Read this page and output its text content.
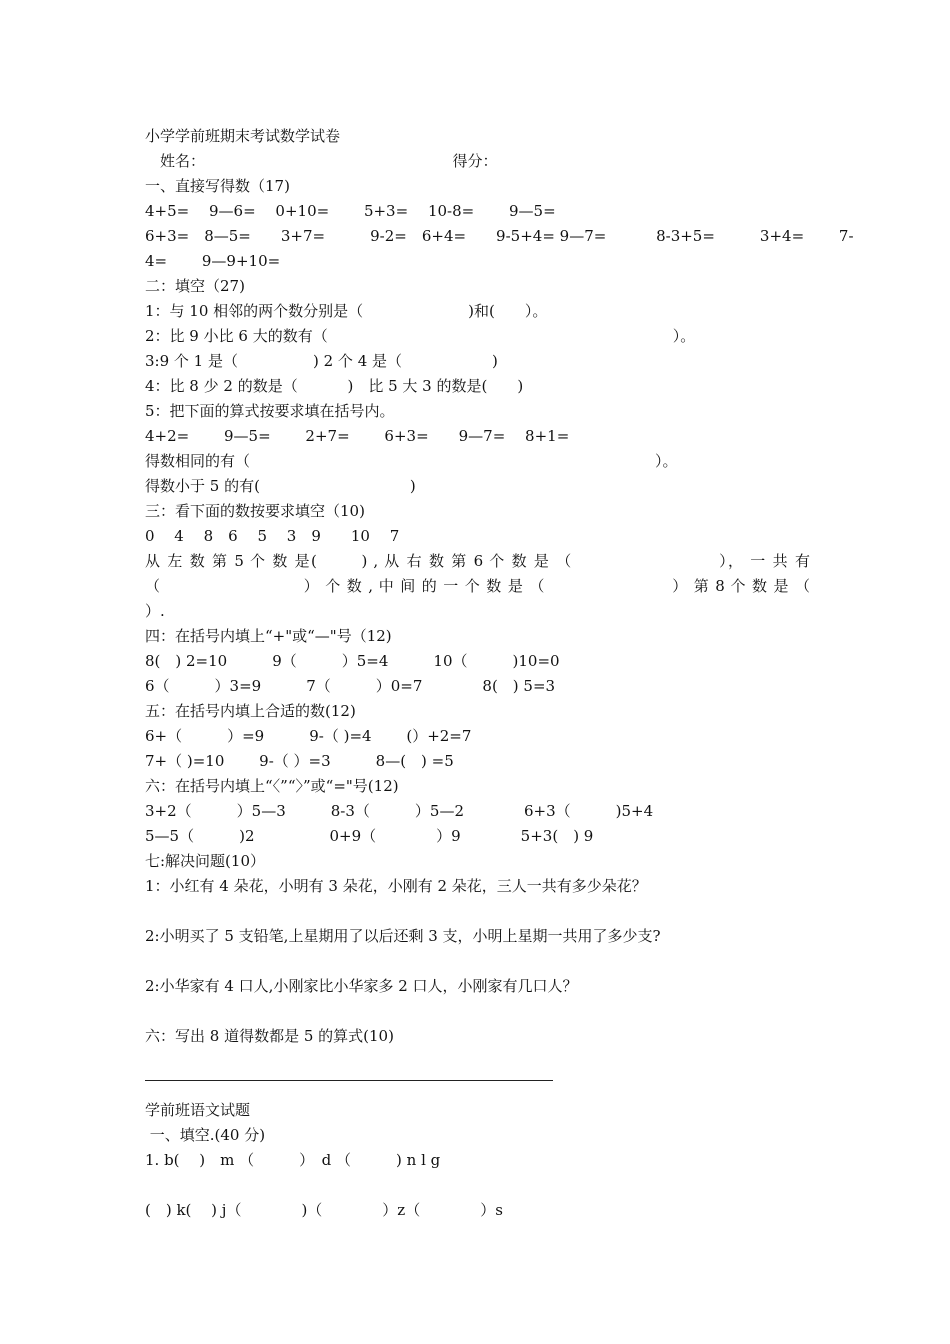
小学学前班期末考试数学试卷
　姓名：　　　　　　　　　　　　　　　　　得分：
一、直接写得数（17)
4+5=　 9—6=　 0+10=　　 5+3=　 10-8=　　 9—5=
6+3=　8—5=　　3+7=　　　9-2=　6+4=　　9-5+4= 9—7=　　　 8-3+5=　　　3+4=　　 7-
4=　　 9—9+10=
二：填空（27)
1：与 10 相邻的两个数分别是（　　　　　　　)和(　　）。
2：比 9 小比 6 大的数有（　　　　　　　　　　　　　　　　　　　　　　　）。
3:9 个 1 是（　　　　　) 2 个 4 是（　　　　　　)
4：比 8 少 2 的数是（　　　 )　比 5 大 3 的数是(　　)
5：把下面的算式按要求填在括号内。
4+2=　　 9—5=　　 2+7=　　 6+3=　　9—7=　 8+1=
得数相同的有（　　　　　　　　　　　　　　　　　　　　　　　　　　　）。
得数小于 5 的有(　　　　　　　　　　)
三：看下面的数按要求填空（10)
0　 4　 8　6　 5　 3　9　　10　 7
从 左 数 第 5 个 数 是( 　　 ) , 从 右 数 第 6 个 数 是 （　　　　　　　　　）， 一 共 有
（　　　　　　　　　） 个 数 , 中 间 的 一 个 数 是 （　　　　　　　　） 第 8 个 数 是 （
）.
四：在括号内填上“+"或“—"号（12)
8(　) 2=10　　　9（　　　）5=4　　　10（　　　)10=0
6（　　　）3=9　　　7（　　　）0=7　　　　8(　) 5=3
五：在括号内填上合适的数(12)
6+（　　　）=9　　　9-（ )=4　　 (）+2=7
7+（ )=10　　 9-（ ）=3　　　8—(　) =5
六：在括号内填上“〈”“〉”或“="号(12)
3+2（　　　）5—3　　　8-3（　　　）5—2　　　　6+3（　　　)5+4
5—5（　　　)2　　　　　0+9（　　　　）9　　　　5+3(　) 9
七:解决问题(10）
1：小红有 4 朵花，小明有 3 朵花，小刚有 2 朵花，三人一共有多少朵花？
2:小明买了 5 支铅笔,上星期用了以后还剩 3 支，小明上星期一共用了多少支?
2:小华家有 4 口人,小刚家比小华家多 2 口人，小刚家有几口人？
六：写出 8 道得数都是 5 的算式(10)
学前班语文试题
一、填空.(40 分)
1. b(　 )　m （　　　）　d （　　　) n l g
(　) k(　 ) j（　　　　)（　　　　）z（　　　　）s
